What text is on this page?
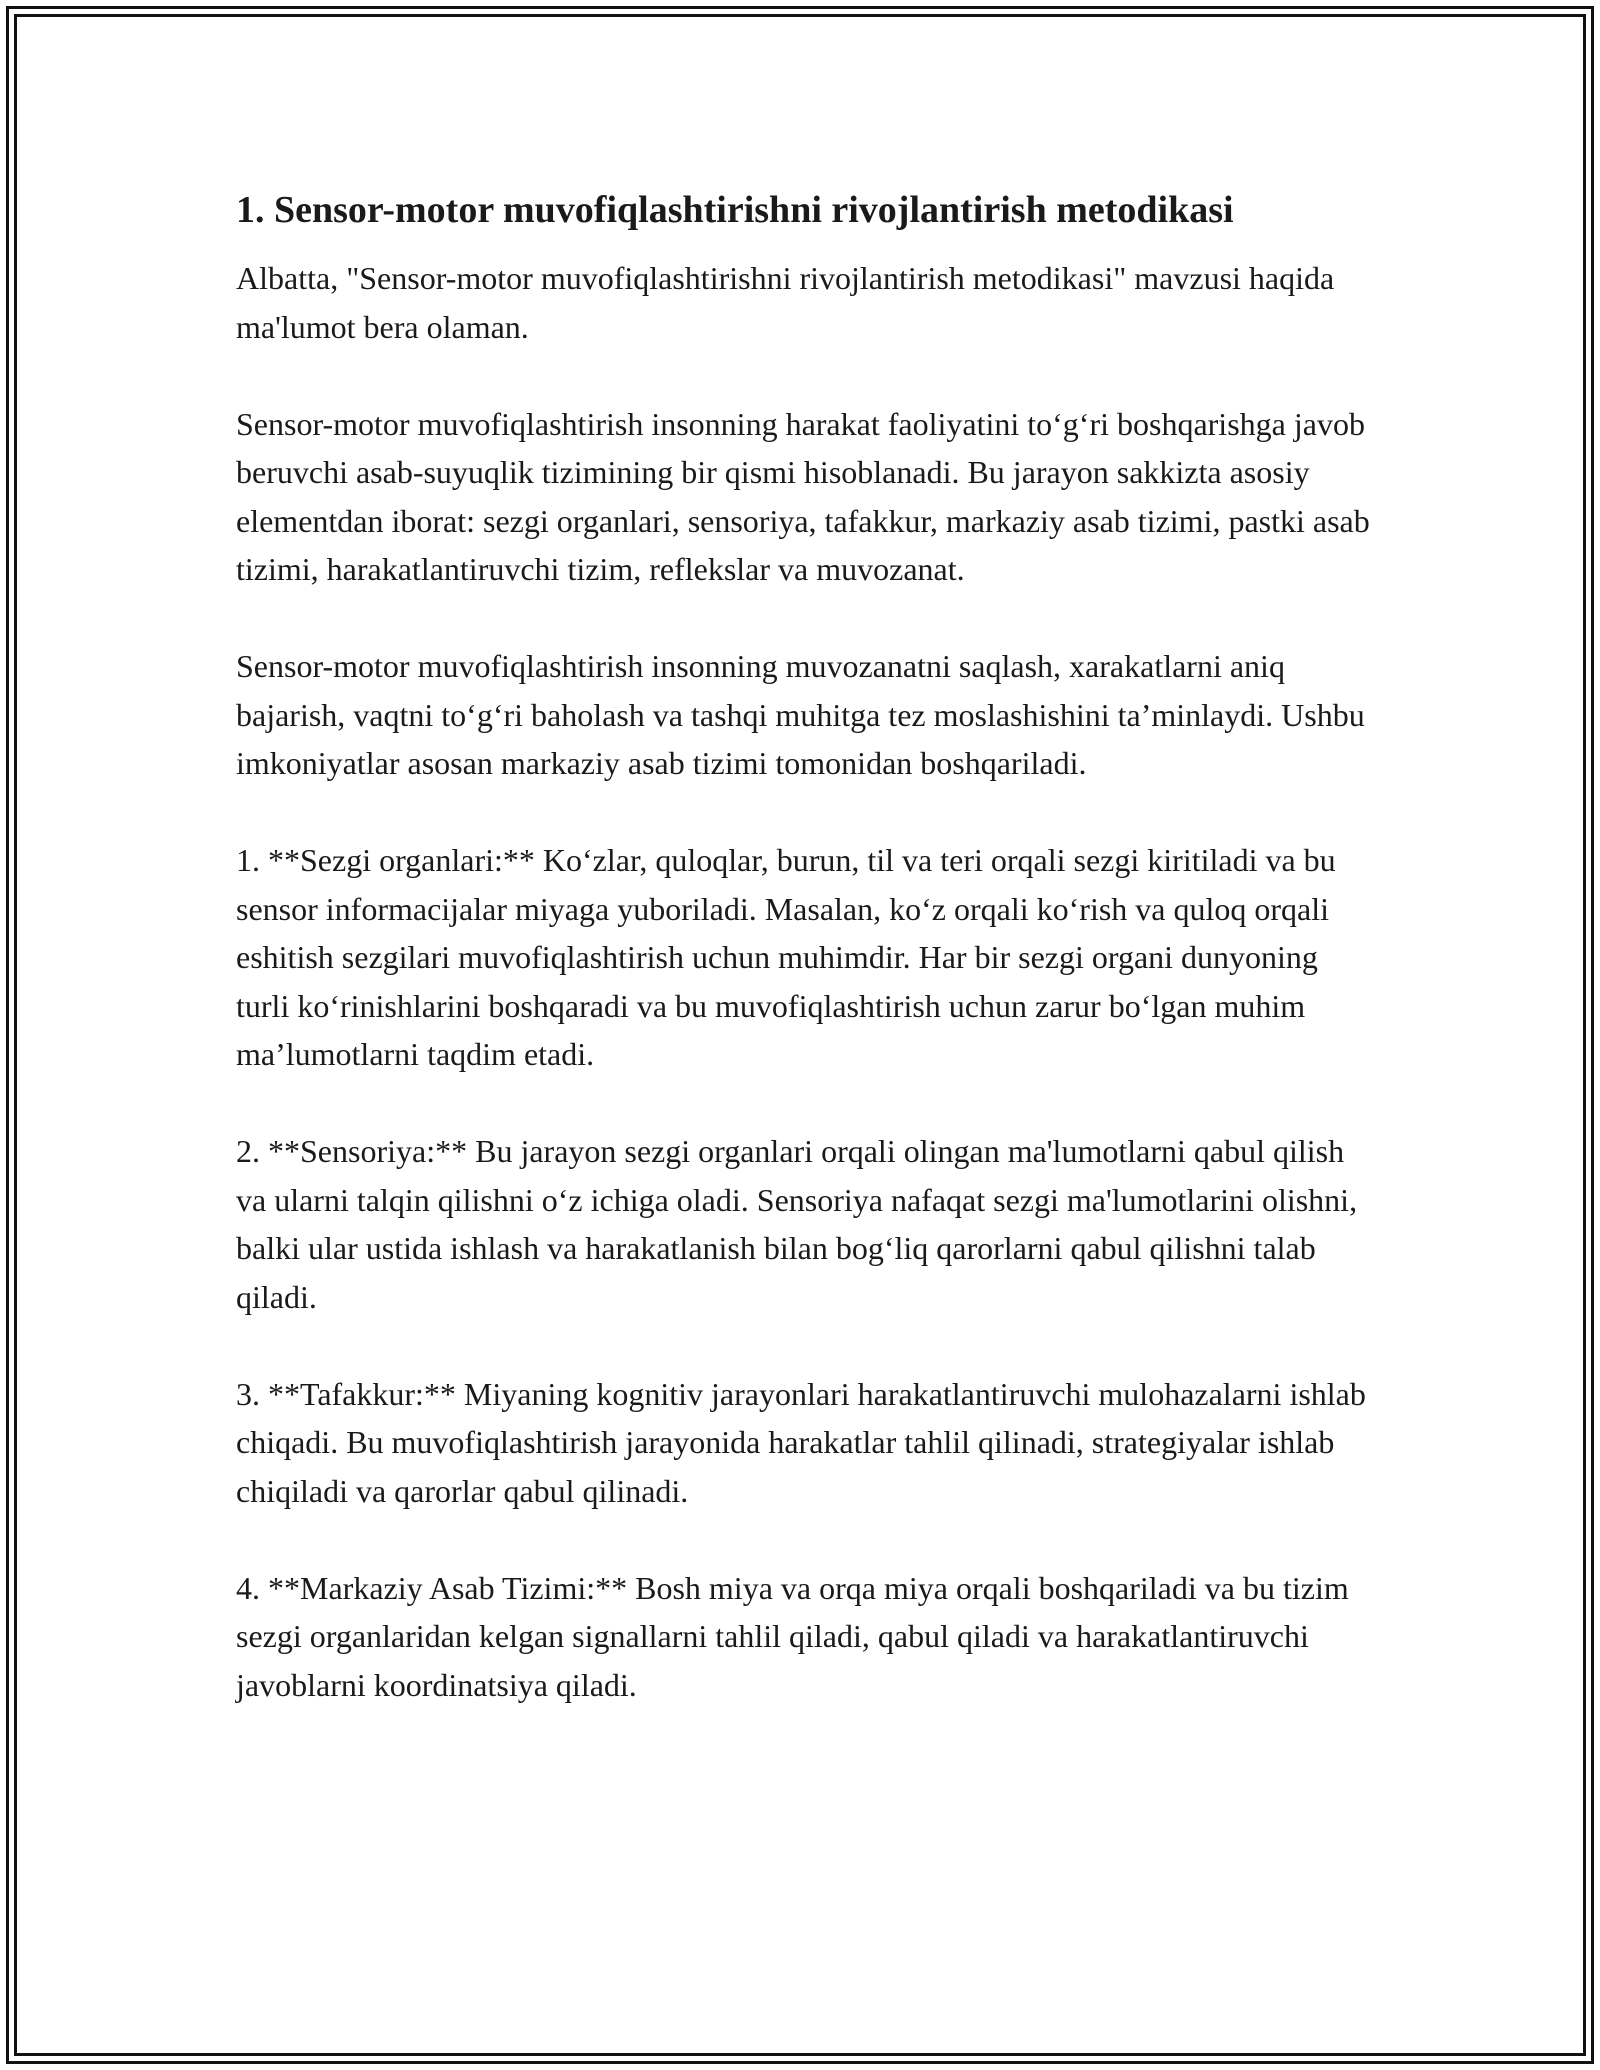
1. Sensor-motor muvofiqlashtirishni rivojlantirish metodikasi

Albatta, "Sensor-motor muvofiqlashtirishni rivojlantirish metodikasi" mavzusi haqida ma'lumot bera olaman.

Sensor-motor muvofiqlashtirish insonning harakat faoliyatini to‘g‘ri boshqarishga javob beruvchi asab-suyuqlik tizimining bir qismi hisoblanadi. Bu jarayon sakkizta asosiy elementdan iborat: sezgi organlari, sensoriya, tafakkur, markaziy asab tizimi, pastki asab tizimi, harakatlantiruvchi tizim, reflekslar va muvozanat.

Sensor-motor muvofiqlashtirish insonning muvozanatni saqlash, xarakatlarni aniq bajarish, vaqtni to‘g‘ri baholash va tashqi muhitga tez moslashishini ta’minlaydi. Ushbu imkoniyatlar asosan markaziy asab tizimi tomonidan boshqariladi.

1. **Sezgi organlari:** Ko‘zlar, quloqlar, burun, til va teri orqali sezgi kiritiladi va bu sensor informacijalar miyaga yuboriladi. Masalan, ko‘z orqali ko‘rish va quloq orqali eshitish sezgilari muvofiqlashtirish uchun muhimdir. Har bir sezgi organi dunyoning turli ko‘rinishlarini boshqaradi va bu muvofiqlashtirish uchun zarur bo‘lgan muhim ma’lumotlarni taqdim etadi.

2. **Sensoriya:** Bu jarayon sezgi organlari orqali olingan ma'lumotlarni qabul qilish va ularni talqin qilishni o‘z ichiga oladi. Sensoriya nafaqat sezgi ma'lumotlarini olishni, balki ular ustida ishlash va harakatlanish bilan bog‘liq qarorlarni qabul qilishni talab qiladi.

3. **Tafakkur:** Miyaning kognitiv jarayonlari harakatlantiruvchi mulohazalarni ishlab chiqadi. Bu muvofiqlashtirish jarayonida harakatlar tahlil qilinadi, strategiyalar ishlab chiqiladi va qarorlar qabul qilinadi.

4. **Markaziy Asab Tizimi:** Bosh miya va orqa miya orqali boshqariladi va bu tizim sezgi organlaridan kelgan signallarni tahlil qiladi, qabul qiladi va harakatlantiruvchi javoblarni koordinatsiya qiladi.
